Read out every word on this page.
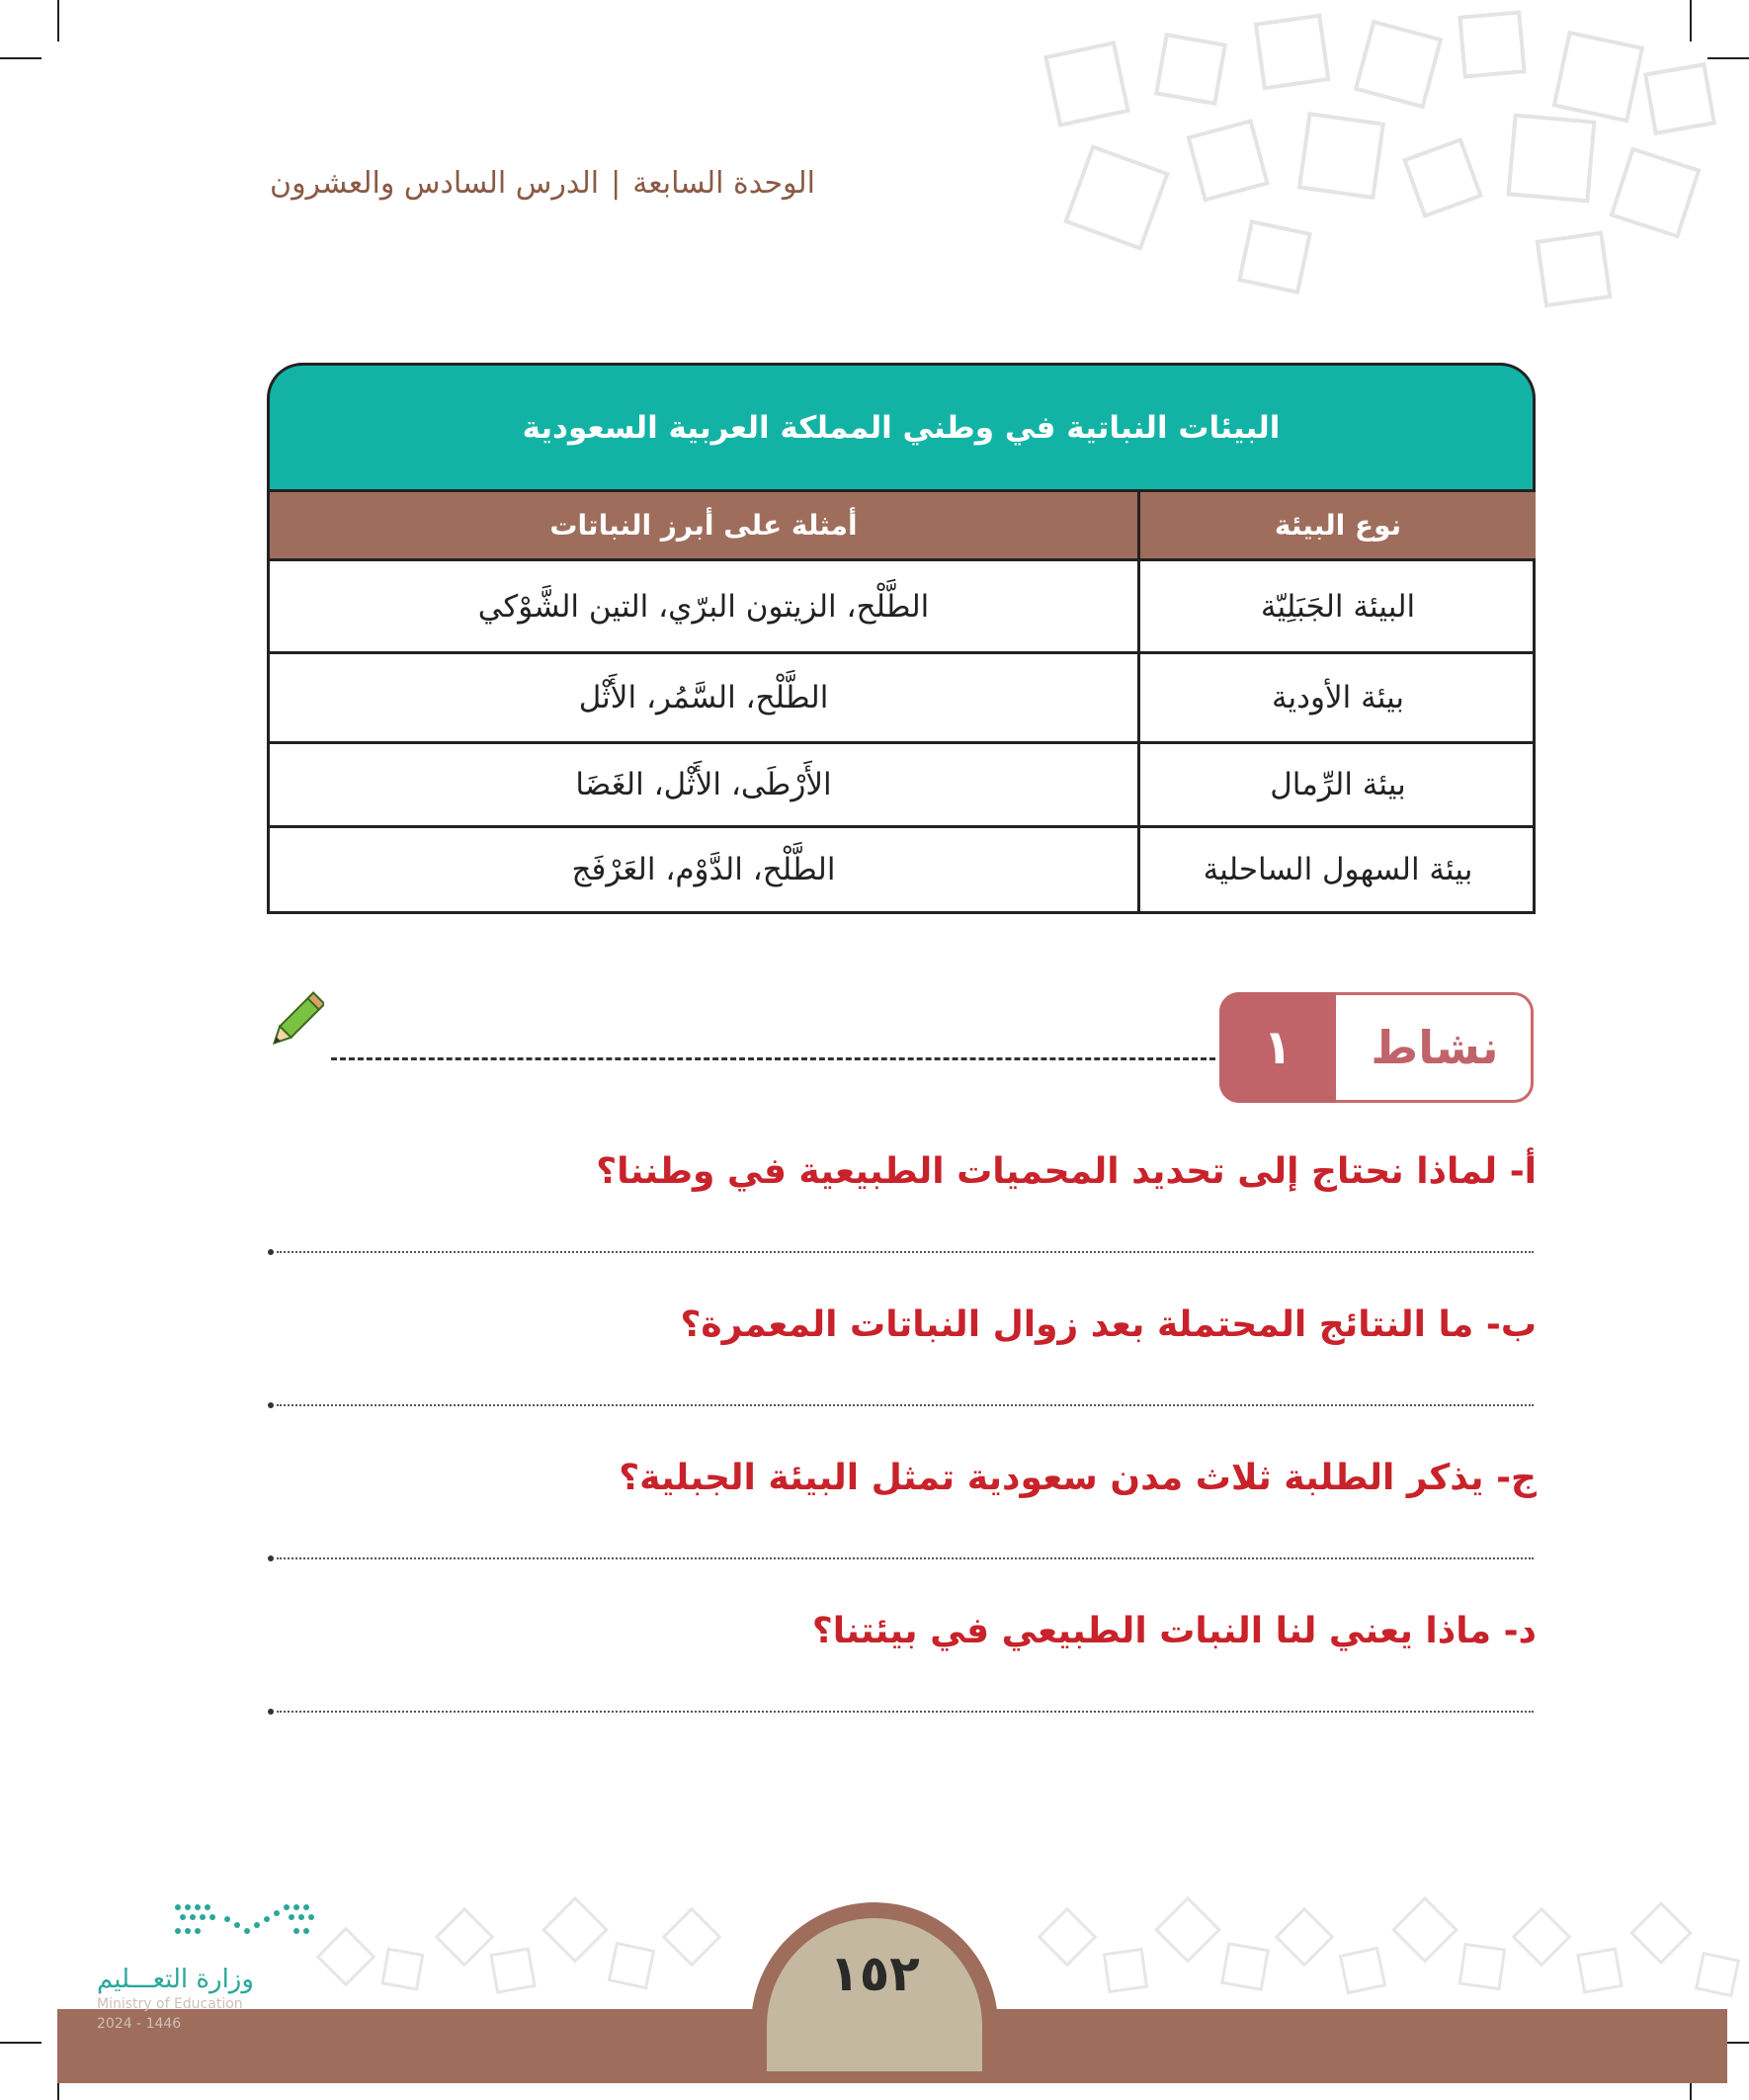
الوحدة السابعة|الدرس السادس والعشرون
البيئات النباتية في وطني المملكة العربية السعودية
أمثلة على أبرز النباتات	نوع البيئة
الطَّلْح، الزيتون البرّي، التين الشَّوْكي	البيئة الجَبَلِيّة
الطَّلْح، السَّمُر، الأَثْل	بيئة الأودية
الأَرْطَى، الأَثْل، الغَضَا	بيئة الرِّمال
الطَّلْح، الدَّوْم، العَرْفَج	بيئة السهول الساحلية
١	نشاط
أ- لماذا نحتاج إلى تحديد المحميات الطبيعية في وطننا؟
ب- ما النتائج المحتملة بعد زوال النباتات المعمرة؟
ج- يذكر الطلبة ثلاث مدن سعودية تمثل البيئة الجبلية؟
د- ماذا يعني لنا النبات الطبيعي في بيئتنا؟
١٥٢
وزارة التعـــليم
Ministry of Education
2024 - 1446
